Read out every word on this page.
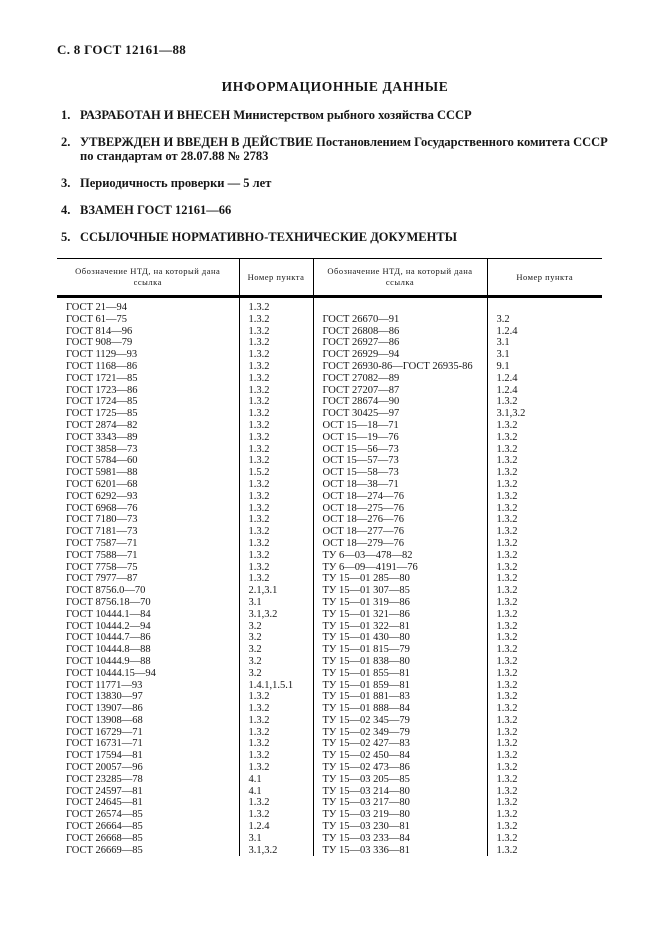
С. 8 ГОСТ 12161—88
ИНФОРМАЦИОННЫЕ ДАННЫЕ
1. РАЗРАБОТАН И ВНЕСЕН Министерством рыбного хозяйства СССР
2. УТВЕРЖДЕН И ВВЕДЕН В ДЕЙСТВИЕ Постановлением Государственного комитета СССР по стандартам от 28.07.88 № 2783
3. Периодичность проверки — 5 лет
4. ВЗАМЕН ГОСТ 12161—66
5. ССЫЛОЧНЫЕ НОРМАТИВНО-ТЕХНИЧЕСКИЕ ДОКУМЕНТЫ
Обозначение НТД, на который дана ссылка	Номер пункта	Обозначение НТД, на который дана ссылка	Номер пункта
ГОСТ 21—94	1.3.2		
ГОСТ 61—75	1.3.2	ГОСТ 26670—91	3.2
ГОСТ 814—96	1.3.2	ГОСТ 26808—86	1.2.4
ГОСТ 908—79	1.3.2	ГОСТ 26927—86	3.1
ГОСТ 1129—93	1.3.2	ГОСТ 26929—94	3.1
ГОСТ 1168—86	1.3.2	ГОСТ 26930-86—ГОСТ 26935-86	9.1
ГОСТ 1721—85	1.3.2	ГОСТ 27082—89	1.2.4
ГОСТ 1723—86	1.3.2	ГОСТ 27207—87	1.2.4
ГОСТ 1724—85	1.3.2	ГОСТ 28674—90	1.3.2
ГОСТ 1725—85	1.3.2	ГОСТ 30425—97	3.1,3.2
ГОСТ 2874—82	1.3.2	ОСТ 15—18—71	1.3.2
ГОСТ 3343—89	1.3.2	ОСТ 15—19—76	1.3.2
ГОСТ 3858—73	1.3.2	ОСТ 15—56—73	1.3.2
ГОСТ 5784—60	1.3.2	ОСТ 15—57—73	1.3.2
ГОСТ 5981—88	1.5.2	ОСТ 15—58—73	1.3.2
ГОСТ 6201—68	1.3.2	ОСТ 18—38—71	1.3.2
ГОСТ 6292—93	1.3.2	ОСТ 18—274—76	1.3.2
ГОСТ 6968—76	1.3.2	ОСТ 18—275—76	1.3.2
ГОСТ 7180—73	1.3.2	ОСТ 18—276—76	1.3.2
ГОСТ 7181—73	1.3.2	ОСТ 18—277—76	1.3.2
ГОСТ 7587—71	1.3.2	ОСТ 18—279—76	1.3.2
ГОСТ 7588—71	1.3.2	ТУ 6—03—478—82	1.3.2
ГОСТ 7758—75	1.3.2	ТУ 6—09—4191—76	1.3.2
ГОСТ 7977—87	1.3.2	ТУ 15—01 285—80	1.3.2
ГОСТ 8756.0—70	2.1,3.1	ТУ 15—01 307—85	1.3.2
ГОСТ 8756.18—70	3.1	ТУ 15—01 319—86	1.3.2
ГОСТ 10444.1—84	3.1,3.2	ТУ 15—01 321—86	1.3.2
ГОСТ 10444.2—94	3.2	ТУ 15—01 322—81	1.3.2
ГОСТ 10444.7—86	3.2	ТУ 15—01 430—80	1.3.2
ГОСТ 10444.8—88	3.2	ТУ 15—01 815—79	1.3.2
ГОСТ 10444.9—88	3.2	ТУ 15—01 838—80	1.3.2
ГОСТ 10444.15—94	3.2	ТУ 15—01 855—81	1.3.2
ГОСТ 11771—93	1.4.1,1.5.1	ТУ 15—01 859—81	1.3.2
ГОСТ 13830—97	1.3.2	ТУ 15—01 881—83	1.3.2
ГОСТ 13907—86	1.3.2	ТУ 15—01 888—84	1.3.2
ГОСТ 13908—68	1.3.2	ТУ 15—02 345—79	1.3.2
ГОСТ 16729—71	1.3.2	ТУ 15—02 349—79	1.3.2
ГОСТ 16731—71	1.3.2	ТУ 15—02 427—83	1.3.2
ГОСТ 17594—81	1.3.2	ТУ 15—02 450—84	1.3.2
ГОСТ 20057—96	1.3.2	ТУ 15—02 473—86	1.3.2
ГОСТ 23285—78	4.1	ТУ 15—03 205—85	1.3.2
ГОСТ 24597—81	4.1	ТУ 15—03 214—80	1.3.2
ГОСТ 24645—81	1.3.2	ТУ 15—03 217—80	1.3.2
ГОСТ 26574—85	1.3.2	ТУ 15—03 219—80	1.3.2
ГОСТ 26664—85	1.2.4	ТУ 15—03 230—81	1.3.2
ГОСТ 26668—85	3.1	ТУ 15—03 233—84	1.3.2
ГОСТ 26669—85	3.1,3.2	ТУ 15—03 336—81	1.3.2
